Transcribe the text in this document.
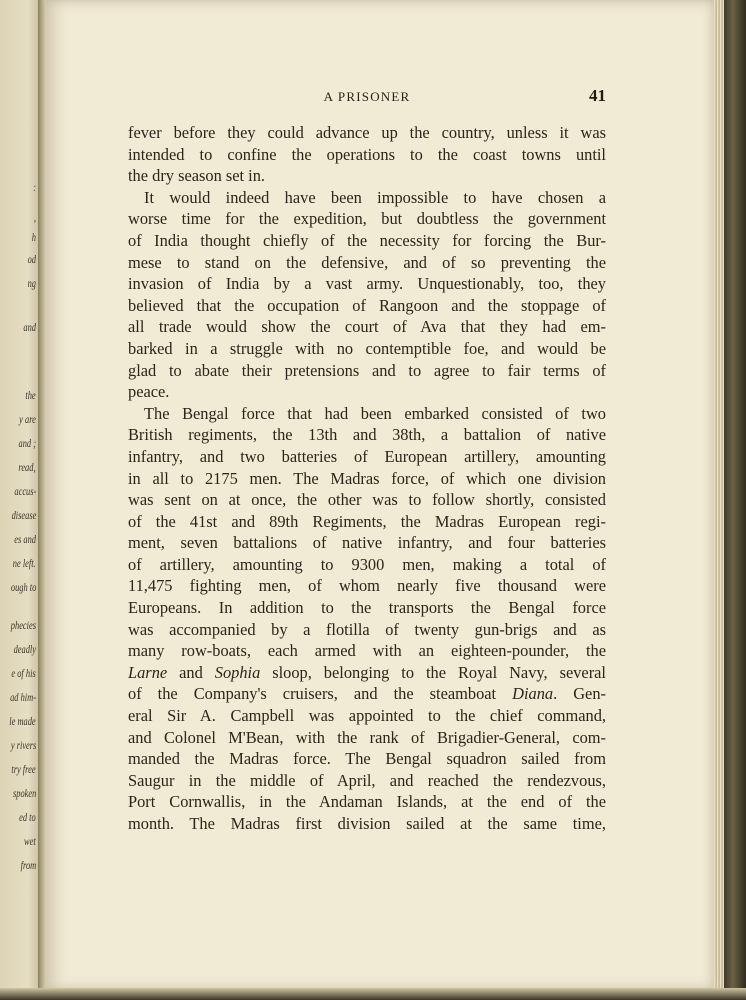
:
,
h
od
ng
and
the
y are
and ;
read,
accus-
disease
es and
ne left.
ough to
phecies
deadly
e of his
ad him-
le made
y rivers
try free
spoken
ed to
wet
from
A PRISONER	41
fever before they could advance up the country, unless it was
intended to confine the operations to the coast towns until
the dry season set in.
It would indeed have been impossible to have chosen a
worse time for the expedition, but doubtless the government
of India thought chiefly of the necessity for forcing the Bur-
mese to stand on the defensive, and of so preventing the
invasion of India by a vast army. Unquestionably, too, they
believed that the occupation of Rangoon and the stoppage of
all trade would show the court of Ava that they had em-
barked in a struggle with no contemptible foe, and would be
glad to abate their pretensions and to agree to fair terms of
peace.
The Bengal force that had been embarked consisted of two
British regiments, the 13th and 38th, a battalion of native
infantry, and two batteries of European artillery, amounting
in all to 2175 men. The Madras force, of which one division
was sent on at once, the other was to follow shortly, consisted
of the 41st and 89th Regiments, the Madras European regi-
ment, seven battalions of native infantry, and four batteries
of artillery, amounting to 9300 men, making a total of
11,475 fighting men, of whom nearly five thousand were
Europeans. In addition to the transports the Bengal force
was accompanied by a flotilla of twenty gun-brigs and as
many row-boats, each armed with an eighteen-pounder, the
Larne and Sophia sloop, belonging to the Royal Navy, several
of the Company's cruisers, and the steamboat Diana. Gen-
eral Sir A. Campbell was appointed to the chief command,
and Colonel M'Bean, with the rank of Brigadier-General, com-
manded the Madras force. The Bengal squadron sailed from
Saugur in the middle of April, and reached the rendezvous,
Port Cornwallis, in the Andaman Islands, at the end of the
month. The Madras first division sailed at the same time,
